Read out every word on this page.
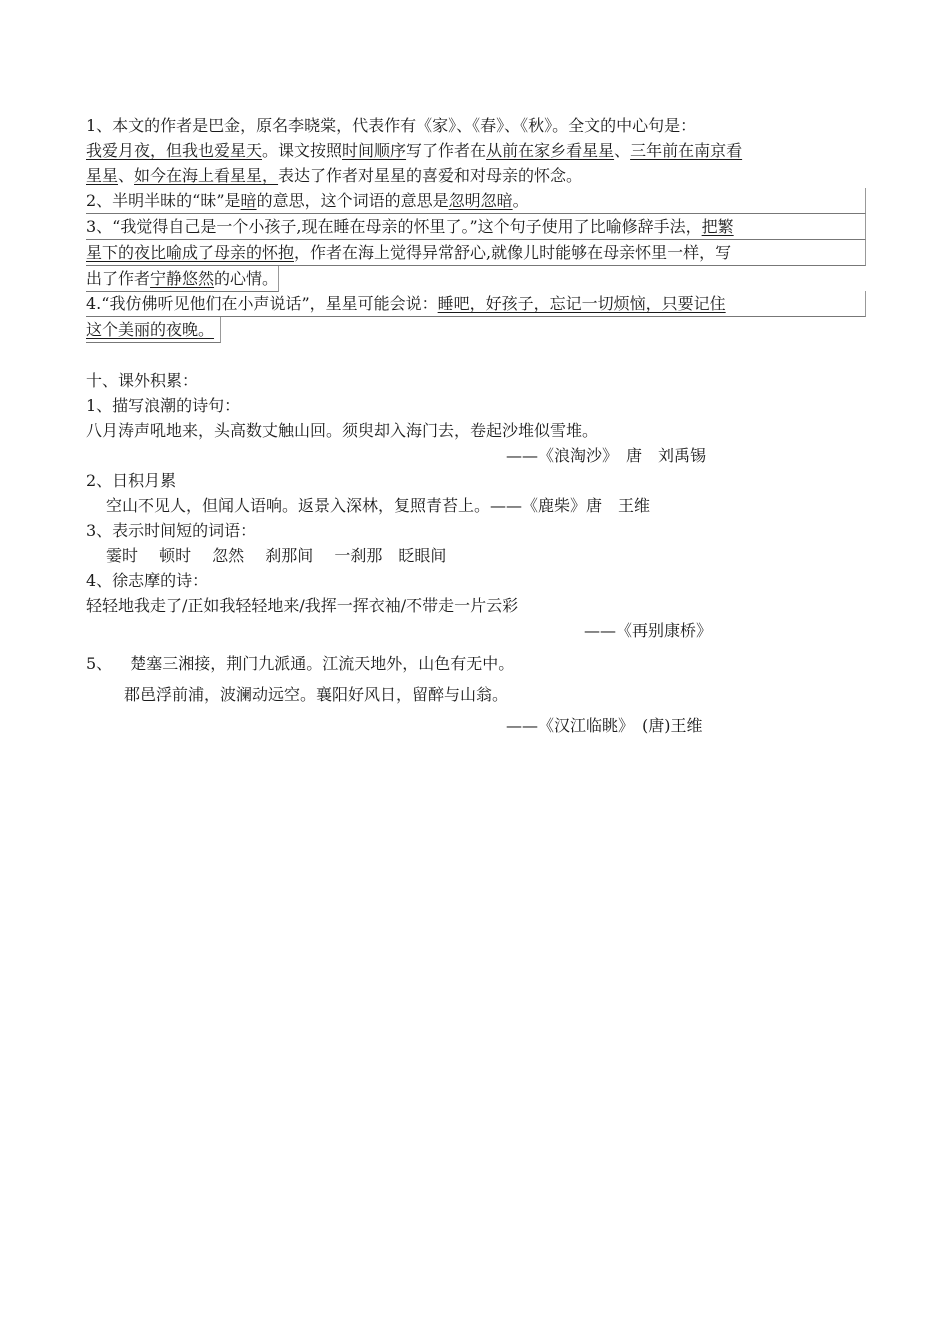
1、本文的作者是巴金，原名李晓棠，代表作有《家》、《春》、《秋》。全文的中心句是：
我爱月夜，但我也爱星天。课文按照时间顺序写了作者在从前在家乡看星星、三年前在南京看
星星、如今在海上看星星，表达了作者对星星的喜爱和对母亲的怀念。
2、半明半昧的“昧”是暗的意思，这个词语的意思是忽明忽暗。
3、“我觉得自己是一个小孩子,现在睡在母亲的怀里了。”这个句子使用了比喻修辞手法，把繁
星下的夜比喻成了母亲的怀抱，作者在海上觉得异常舒心,就像儿时能够在母亲怀里一样，写
出了作者宁静悠然的心情。
4.“我仿佛听见他们在小声说话”，星星可能会说：睡吧，好孩子，忘记一切烦恼，只要记住
这个美丽的夜晚。
十、课外积累：
1、描写浪潮的诗句：
八月涛声吼地来，头高数丈触山回。须臾却入海门去，卷起沙堆似雪堆。
——《浪淘沙》　唐　刘禹锡
2、日积月累
空山不见人，但闻人语响。返景入深林，复照青苔上。——《鹿柴》唐　王维
3、表示时间短的词语：
霎时　 顿时　 忽然　 刹那间　 一刹那　眨眼间
4、徐志摩的诗：
轻轻地我走了/正如我轻轻地来/我挥一挥衣袖/不带走一片云彩
——《再别康桥》
5、 楚塞三湘接，荆门九派通。江流天地外，山色有无中。
郡邑浮前浦，波澜动远空。襄阳好风日，留醉与山翁。
——《汉江临眺》　(唐)王维
